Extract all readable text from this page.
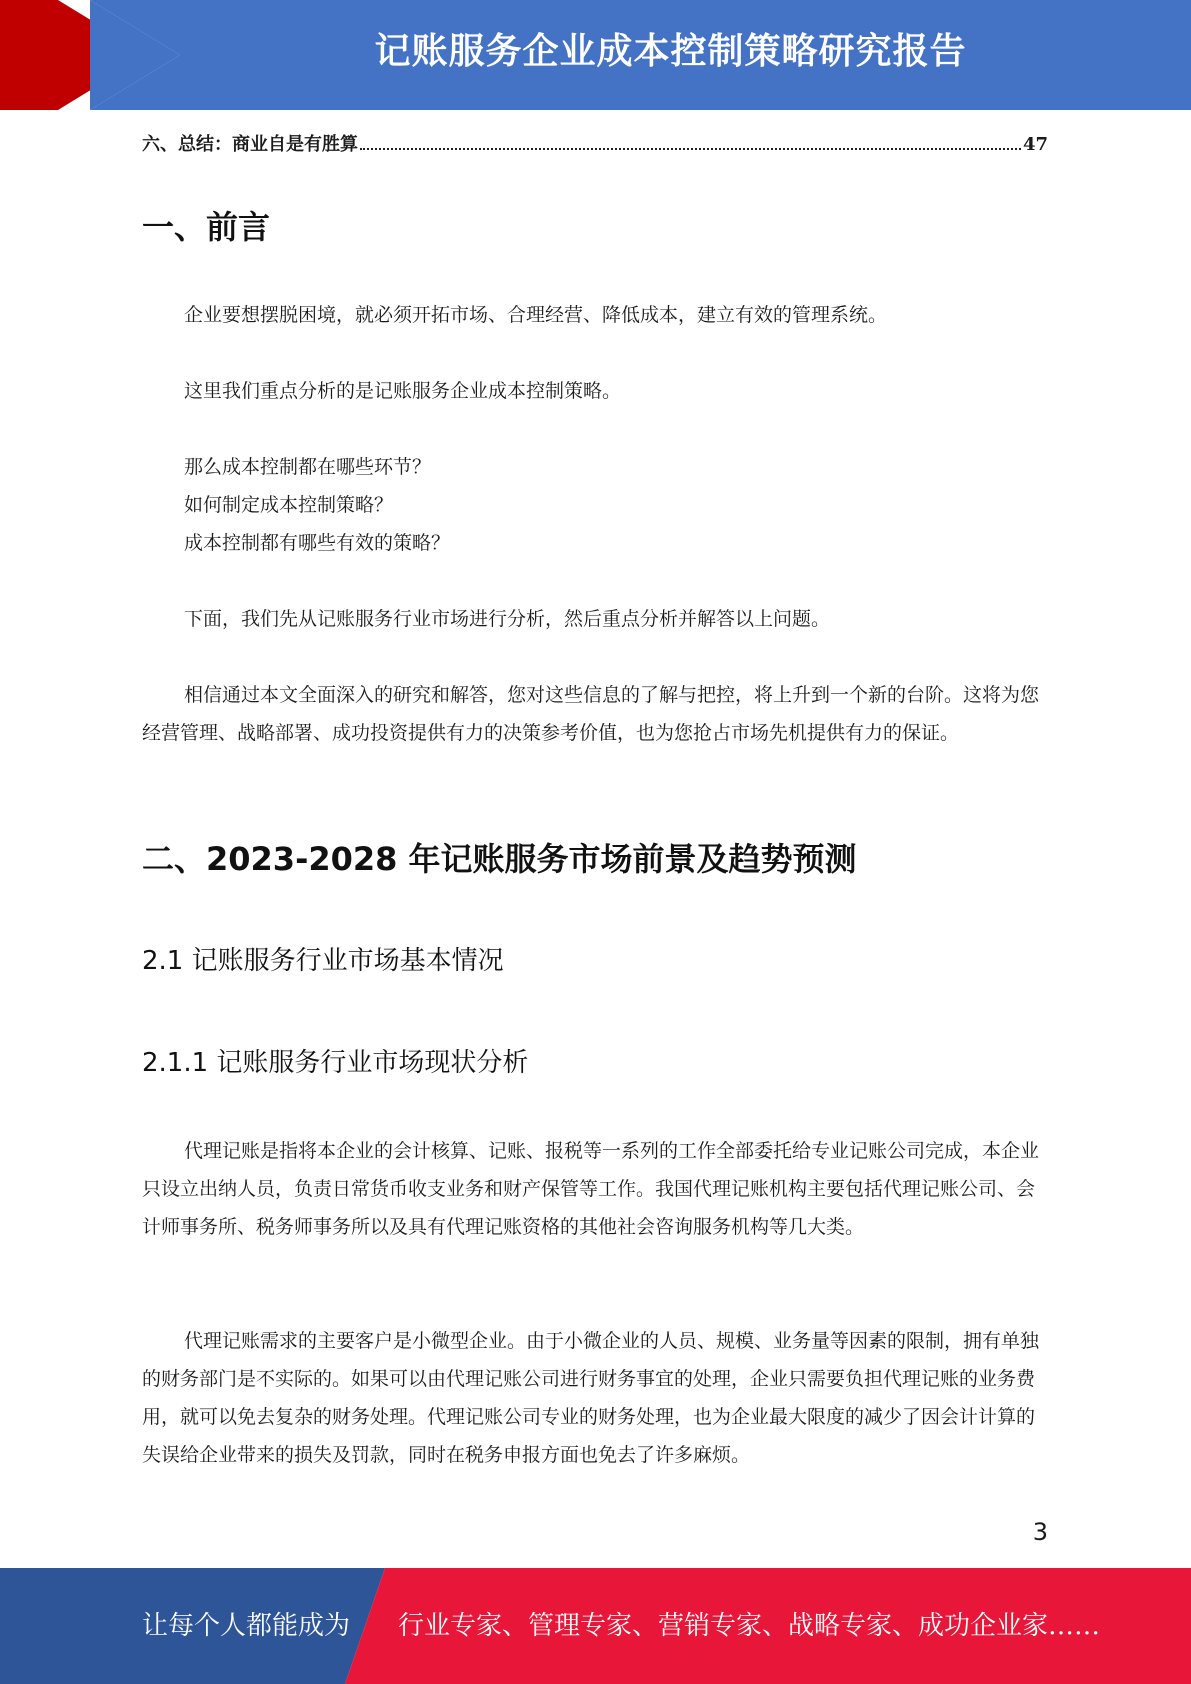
记账服务企业成本控制策略研究报告
六、总结：商业自是有胜算	47
一、前言

企业要想摆脱困境，就必须开拓市场、合理经营、降低成本，建立有效的管理系统。

这里我们重点分析的是记账服务企业成本控制策略。

那么成本控制都在哪些环节？

如何制定成本控制策略？

成本控制都有哪些有效的策略？

下面，我们先从记账服务行业市场进行分析，然后重点分析并解答以上问题。

相信通过本文全面深入的研究和解答，您对这些信息的了解与把控，将上升到一个新的台阶。这将为您经营管理、战略部署、成功投资提供有力的决策参考价值，也为您抢占市场先机提供有力的保证。

二、2023-2028 年记账服务市场前景及趋势预测
2.1 记账服务行业市场基本情况
2.1.1 记账服务行业市场现状分析

代理记账是指将本企业的会计核算、记账、报税等一系列的工作全部委托给专业记账公司完成，本企业只设立出纳人员，负责日常货币收支业务和财产保管等工作。我国代理记账机构主要包括代理记账公司、会计师事务所、税务师事务所以及具有代理记账资格的其他社会咨询服务机构等几大类。

代理记账需求的主要客户是小微型企业。由于小微企业的人员、规模、业务量等因素的限制，拥有单独的财务部门是不实际的。如果可以由代理记账公司进行财务事宜的处理，企业只需要负担代理记账的业务费用，就可以免去复杂的财务处理。代理记账公司专业的财务处理，也为企业最大限度的减少了因会计计算的失误给企业带来的损失及罚款，同时在税务申报方面也免去了许多麻烦。

3
让每个人都能成为 行业专家、管理专家、营销专家、战略专家、成功企业家……
